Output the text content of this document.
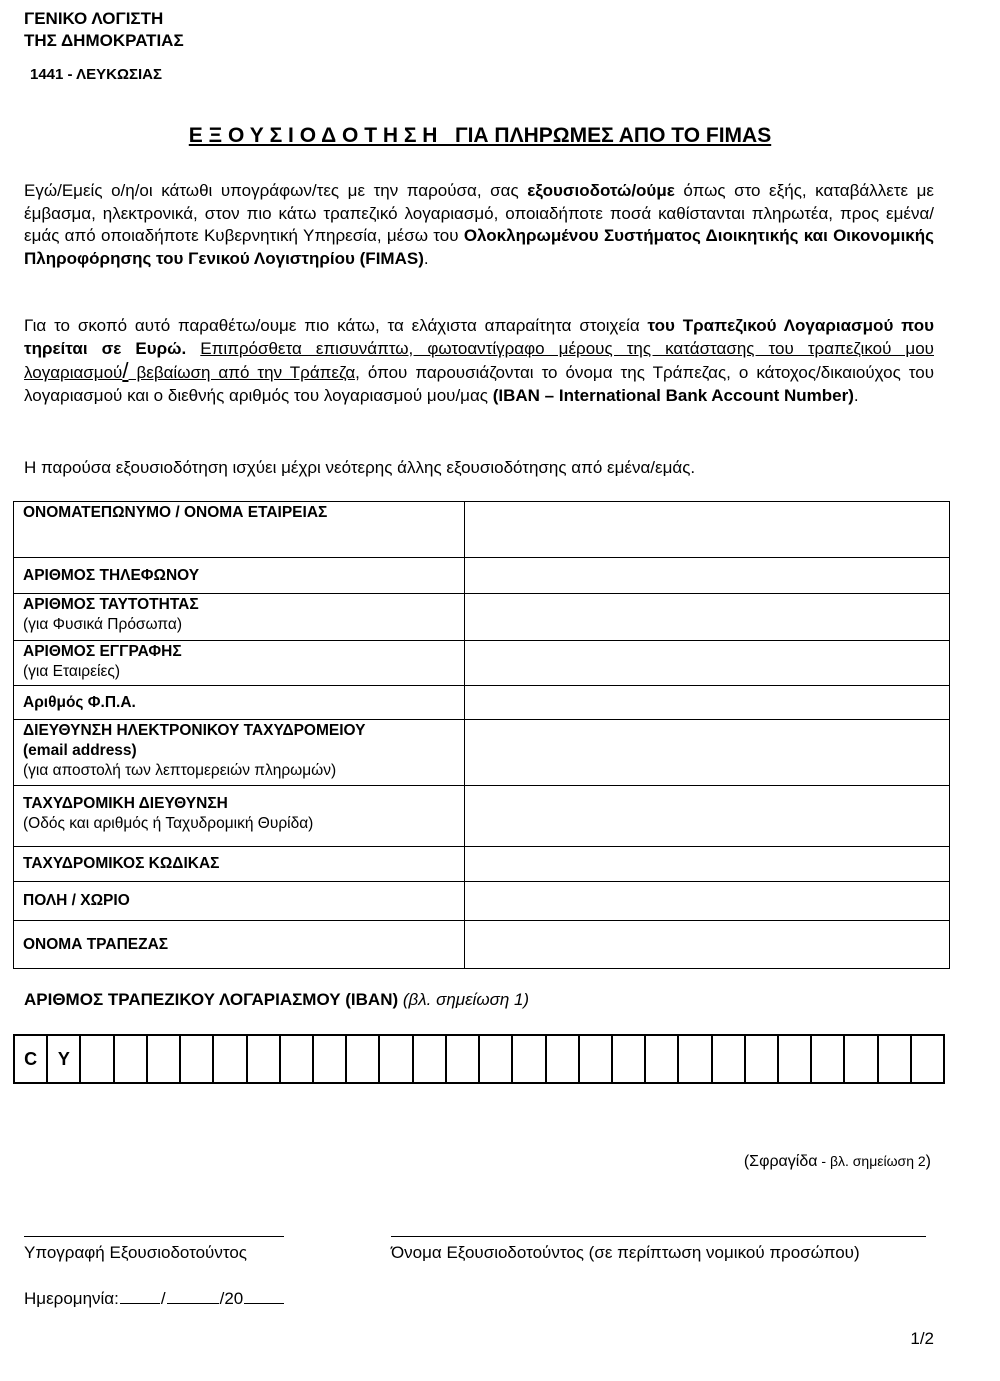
ΓΕΝΙΚΟ ΛΟΓΙΣΤΗ
ΤΗΣ ΔΗΜΟΚΡΑΤΙΑΣ
1441 - ΛΕΥΚΩΣΙΑΣ
Ε Ξ Ο Υ Σ Ι Ο Δ Ο Τ Η Σ Η   ΓΙΑ ΠΛΗΡΩΜΕΣ ΑΠΟ ΤΟ FIMAS

Εγώ/Εμείς ο/η/οι κάτωθι υπογράφων/τες με την παρούσα, σας εξουσιοδοτώ/ούμε όπως στο εξής, καταβάλλετε με έμβασμα, ηλεκτρονικά, στον πιο κάτω τραπεζικό λογαριασμό, οποιαδήποτε ποσά καθίστανται πληρωτέα, προς εμένα/εμάς από οποιαδήποτε Κυβερνητική Υπηρεσία, μέσω του Ολοκληρωμένου Συστήματος Διοικητικής και Οικονομικής Πληροφόρησης του Γενικού Λογιστηρίου (FIMAS).

Για το σκοπό αυτό παραθέτω/ουμε πιο κάτω, τα ελάχιστα απαραίτητα στοιχεία του Τραπεζικού Λογαριασμού που τηρείται σε Ευρώ. Επιπρόσθετα επισυνάπτω, φωτοαντίγραφο μέρους της κατάστασης του τραπεζικού μου λογαριασμού/ βεβαίωση από την Τράπεζα, όπου παρουσιάζονται το όνομα της Τράπεζας, ο κάτοχος/δικαιούχος του λογαριασμού και ο διεθνής αριθμός του λογαριασμού μου/μας (IBAN – International Bank Account Number).

Η παρούσα εξουσιοδότηση ισχύει μέχρι νεότερης άλλης εξουσιοδότησης από εμένα/εμάς.

ΟΝΟΜΑΤΕΠΩΝΥΜΟ / ΟΝΟΜΑ ΕΤΑΙΡΕΙΑΣ	
ΑΡΙΘΜΟΣ ΤΗΛΕΦΩΝΟΥ	

ΑΡΙΘΜΟΣ ΤΑΥΤΟΤΗΤΑΣ
(για Φυσικά Πρόσωπα)	

ΑΡΙΘΜΟΣ ΕΓΓΡΑΦΗΣ
(για Εταιρείες)	

Αριθμός Φ.Π.Α.	

ΔΙΕΥΘΥΝΣΗ ΗΛΕΚΤΡΟΝΙΚΟΥ ΤΑΧΥΔΡΟΜΕΙΟΥ
(email address)
(για αποστολή των λεπτομερειών πληρωμών)	

ΤΑΧΥΔΡΟΜΙΚΗ ΔΙΕΥΘΥΝΣΗ
(Οδός και αριθμός ή Ταχυδρομική Θυρίδα)	

ΤΑΧΥΔΡΟΜΙΚΟΣ ΚΩΔΙΚΑΣ	
ΠΟΛΗ / ΧΩΡΙΟ	
ΟΝΟΜΑ ΤΡΑΠΕΖΑΣ	
ΑΡΙΘΜΟΣ ΤΡΑΠΕΖΙΚΟΥ ΛΟΓΑΡΙΑΣΜΟΥ (IBAN) (βλ. σημείωση 1)
C	Y
(Σφραγίδα - βλ. σημείωση 2)
Υπογραφή Εξουσιοδοτούντος	Όνομα Εξουσιοδοτούντος (σε περίπτωση νομικού προσώπου)
Ημερομηνία: /	/20
1/2
